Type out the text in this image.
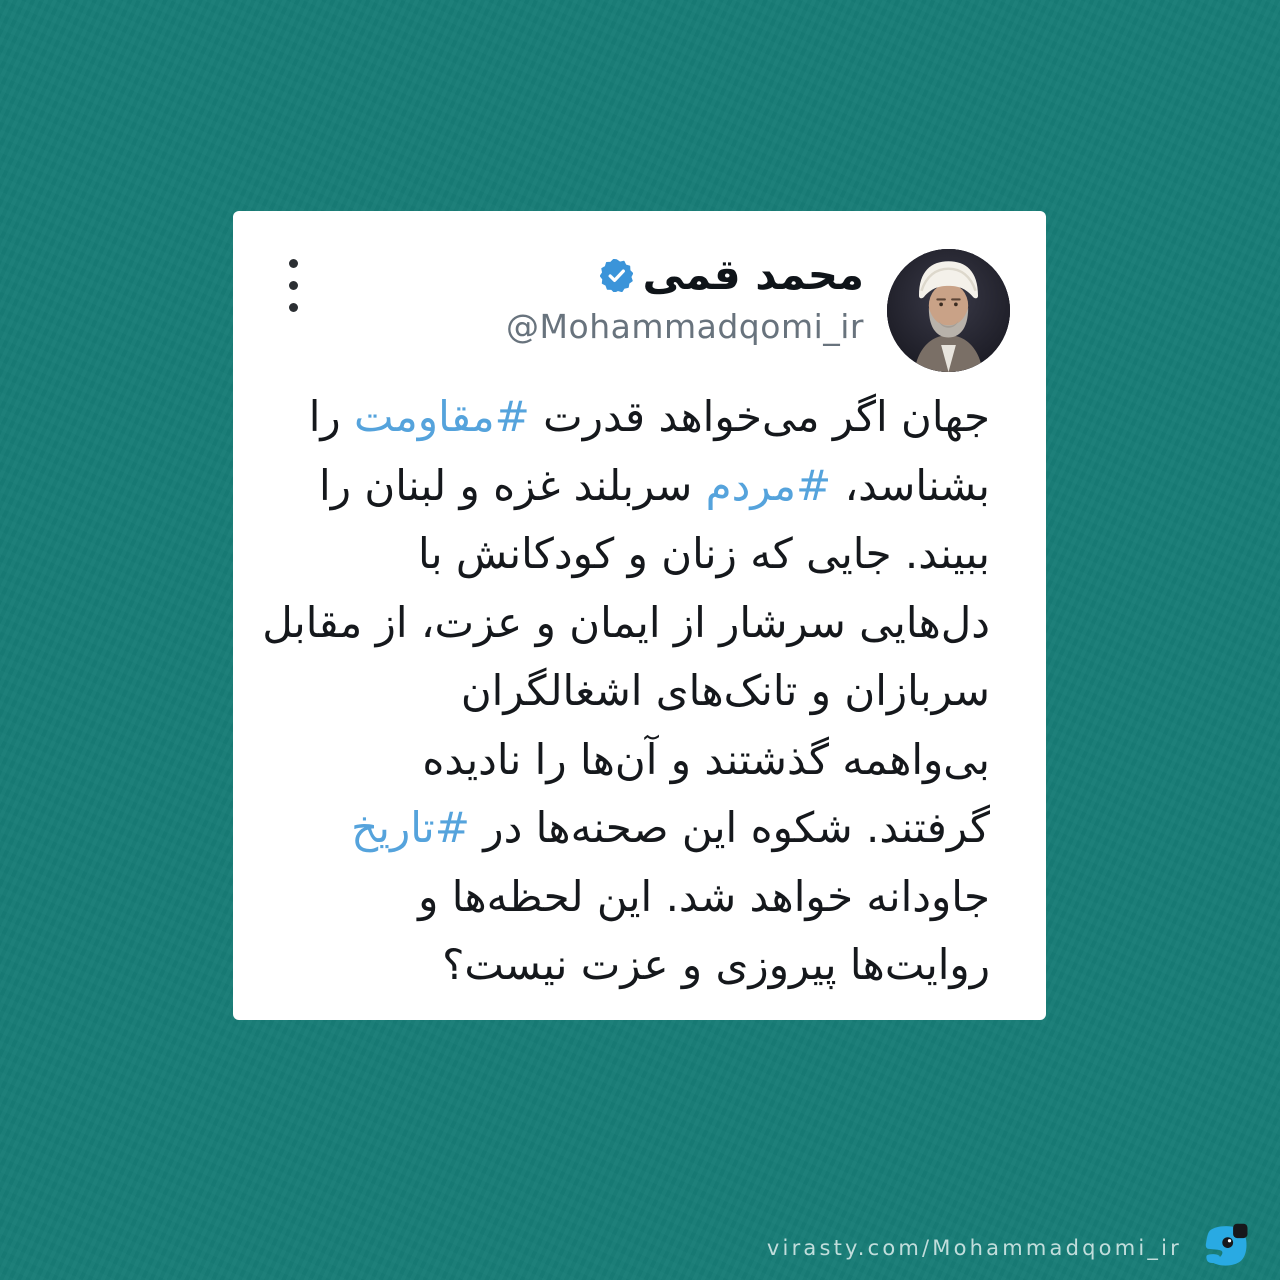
محمد قمی
@Mohammadqomi_ir
جهان اگر می‌خواهد قدرت #مقاومت را
بشناسد، #مردم سربلند غزه و لبنان را
ببیند. جایی که زنان و کودکانش با
دل‌هایی سرشار از ایمان و عزت، از مقابل
سربازان و تانک‌های اشغالگران
بی‌واهمه گذشتند و آن‌ها را نادیده
گرفتند. شکوه این صحنه‌ها در #تاریخ
جاودانه خواهد شد. این لحظه‌ها و
روایت‌ها پیروزی و عزت نیست؟
virasty.com/Mohammadqomi_ir
